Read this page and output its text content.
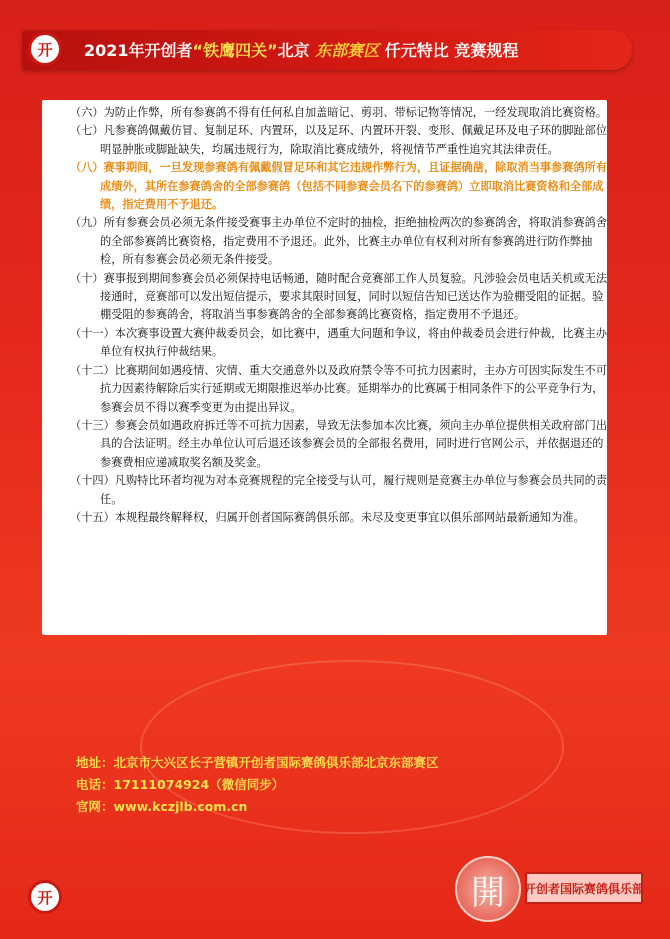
开 2021年开创者“铁鹰四关”北京 东部赛区 仟元特比 竞赛规程
（六）为防止作弊，所有参赛鸽不得有任何私自加盖暗记、剪羽、带标记物等情况，一经发现取消比赛资格。
（七）凡参赛鸽佩戴仿冒、复制足环、内置环，以及足环、内置环开裂、变形、佩戴足环及电子环的脚趾部位明显肿胀或脚趾缺失，均属违规行为，除取消比赛成绩外，将视情节严重性追究其法律责任。
（八）赛事期间，一旦发现参赛鸽有佩戴假冒足环和其它违规作弊行为，且证据确凿，除取消当事参赛鸽所有成绩外，其所在参赛鸽舍的全部参赛鸽（包括不同参赛会员名下的参赛鸽）立即取消比赛资格和全部成绩，指定费用不予退还。
（九）所有参赛会员必须无条件接受赛事主办单位不定时的抽检，拒绝抽检两次的参赛鸽舍，将取消参赛鸽舍的全部参赛鸽比赛资格，指定费用不予退还。此外，比赛主办单位有权利对所有参赛鸽进行防作弊抽检，所有参赛会员必须无条件接受。
（十）赛事报到期间参赛会员必须保持电话畅通，随时配合竞赛部工作人员复验。凡涉验会员电话关机或无法接通时，竞赛部可以发出短信提示，要求其限时回复，同时以短信告知已送达作为验棚受阻的证据。验棚受阻的参赛鸽舍，将取消当事参赛鸽舍的全部参赛鸽比赛资格，指定费用不予退还。
（十一）本次赛事设置大赛仲裁委员会，如比赛中，遇重大问题和争议，将由仲裁委员会进行仲裁，比赛主办单位有权执行仲裁结果。
（十二）比赛期间如遇疫情、灾情、重大交通意外以及政府禁令等不可抗力因素时，主办方可因实际发生不可抗力因素待解除后实行延期或无期限推迟举办比赛。延期举办的比赛属于相同条件下的公平竞争行为，参赛会员不得以赛季变更为由提出异议。
（十三）参赛会员如遇政府拆迁等不可抗力因素，导致无法参加本次比赛，须向主办单位提供相关政府部门出具的合法证明。经主办单位认可后退还该参赛会员的全部报名费用，同时进行官网公示，并依据退还的参赛费相应递减取奖名额及奖金。
（十四）凡购特比环者均视为对本竞赛规程的完全接受与认可，履行规则是竞赛主办单位与参赛会员共同的责任。
（十五）本规程最终解释权，归属开创者国际赛鸽俱乐部。未尽及变更事宜以俱乐部网站最新通知为准。
地址：北京市大兴区长子营镇开创者国际赛鸽俱乐部北京东部赛区
电话：17111074924（微信同步）
官网：www.kczjlb.com.cn
开	開 开创者国际赛鸽俱乐部
